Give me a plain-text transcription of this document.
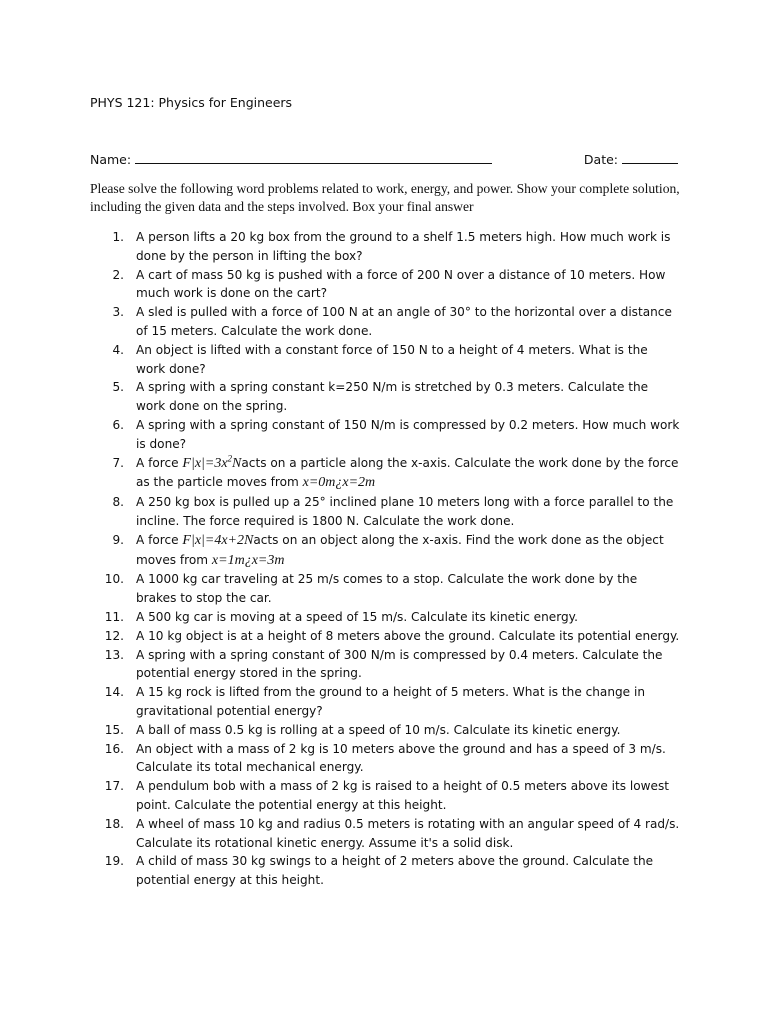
PHYS 121: Physics for Engineers
Name:	Date:
Please solve the following word problems related to work, energy, and power. Show your complete solution, including the given data and the steps involved. Box your final answer
1. A person lifts a 20 kg box from the ground to a shelf 1.5 meters high. How much work is done by the person in lifting the box?
2. A cart of mass 50 kg is pushed with a force of 200 N over a distance of 10 meters. How much work is done on the cart?
3. A sled is pulled with a force of 100 N at an angle of 30° to the horizontal over a distance of 15 meters. Calculate the work done.
4. An object is lifted with a constant force of 150 N to a height of 4 meters. What is the work done?
5. A spring with a spring constant k=250 N/m is stretched by 0.3 meters. Calculate the work done on the spring.
6. A spring with a spring constant of 150 N/m is compressed by 0.2 meters. How much work is done?
7. A force $F|x|=3x^2Nacts$ on a particle along the x-axis. Calculate the work done by the force as the particle moves from x=0m¿x=2m
8. A 250 kg box is pulled up a 25° inclined plane 10 meters long with a force parallel to the incline. The force required is 1800 N. Calculate the work done.
9. A force F|x|=4x+2Nacts on an object along the x-axis. Find the work done as the object moves from x=1m¿x=3m
10. A 1000 kg car traveling at 25 m/s comes to a stop. Calculate the work done by the brakes to stop the car.
11. A 500 kg car is moving at a speed of 15 m/s. Calculate its kinetic energy.
12. A 10 kg object is at a height of 8 meters above the ground. Calculate its potential energy.
13. A spring with a spring constant of 300 N/m is compressed by 0.4 meters. Calculate the potential energy stored in the spring.
14. A 15 kg rock is lifted from the ground to a height of 5 meters. What is the change in gravitational potential energy?
15. A ball of mass 0.5 kg is rolling at a speed of 10 m/s. Calculate its kinetic energy.
16. An object with a mass of 2 kg is 10 meters above the ground and has a speed of 3 m/s. Calculate its total mechanical energy.
17. A pendulum bob with a mass of 2 kg is raised to a height of 0.5 meters above its lowest point. Calculate the potential energy at this height.
18. A wheel of mass 10 kg and radius 0.5 meters is rotating with an angular speed of 4 rad/s. Calculate its rotational kinetic energy. Assume it's a solid disk.
19. A child of mass 30 kg swings to a height of 2 meters above the ground. Calculate the potential energy at this height.
